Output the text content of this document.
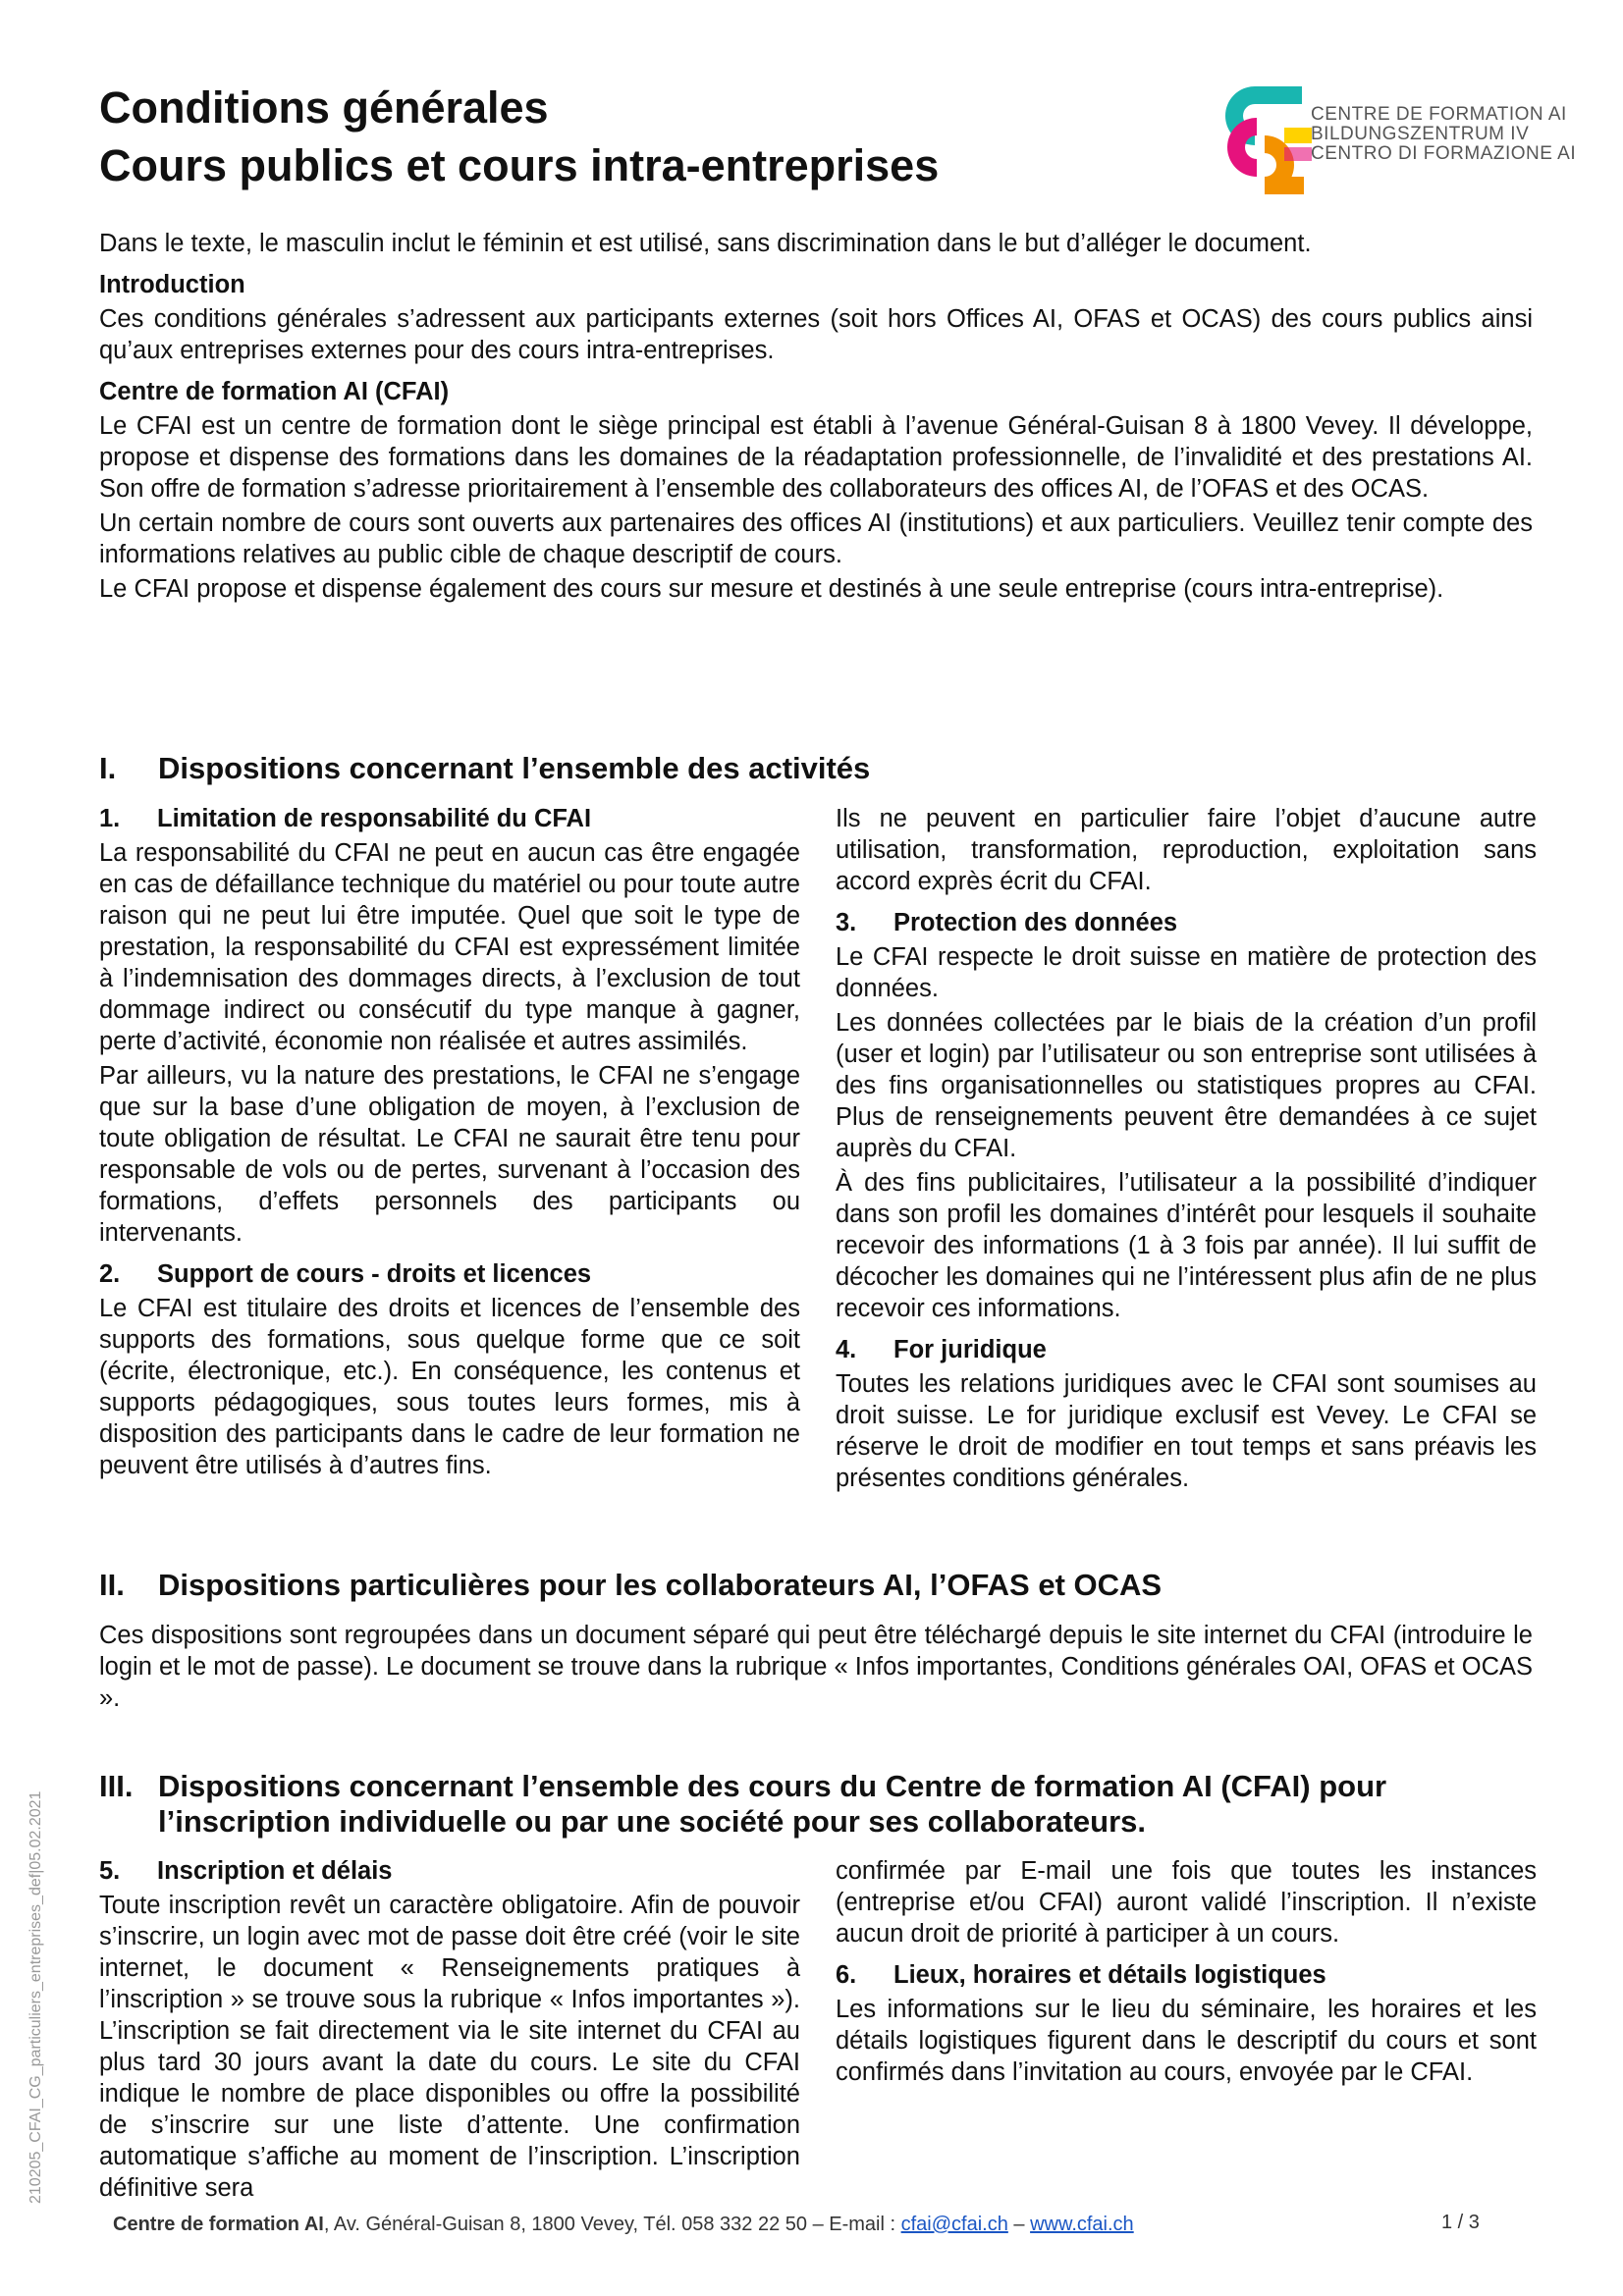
Conditions générales
Cours publics et cours intra-entreprises
CENTRE DE FORMATION AI
BILDUNGSZENTRUM IV
CENTRO DI FORMAZIONE AI

Dans le texte, le masculin inclut le féminin et est utilisé, sans discrimination dans le but d’alléger le document.

Introduction

Ces conditions générales s’adressent aux participants externes (soit hors Offices AI, OFAS et OCAS) des cours publics ainsi qu’aux entreprises externes pour des cours intra-entreprises.

Centre de formation AI (CFAI)

Le CFAI est un centre de formation dont le siège principal est établi à l’avenue Général-Guisan 8 à 1800 Vevey. Il développe, propose et dispense des formations dans les domaines de la réadaptation professionnelle, de l’invalidité et des prestations AI. Son offre de formation s’adresse prioritairement à l’ensemble des collaborateurs des offices AI, de l’OFAS et des OCAS.

Un certain nombre de cours sont ouverts aux partenaires des offices AI (institutions) et aux particuliers. Veuillez tenir compte des informations relatives au public cible de chaque descriptif de cours.

Le CFAI propose et dispense également des cours sur mesure et destinés à une seule entreprise (cours intra-entreprise).

I. Dispositions concernant l’ensemble des activités
1. Limitation de responsabilité du CFAI

La responsabilité du CFAI ne peut en aucun cas être engagée en cas de défaillance technique du matériel ou pour toute autre raison qui ne peut lui être imputée. Quel que soit le type de prestation, la responsabilité du CFAI est expressément limitée à l’indemnisation des dommages directs, à l’exclusion de tout dommage indirect ou consécutif du type manque à gagner, perte d’activité, économie non réalisée et autres assimilés.

Par ailleurs, vu la nature des prestations, le CFAI ne s’engage que sur la base d’une obligation de moyen, à l’exclusion de toute obligation de résultat. Le CFAI ne saurait être tenu pour responsable de vols ou de pertes, survenant à l’occasion des formations, d’effets personnels des participants ou intervenants.

2. Support de cours - droits et licences

Le CFAI est titulaire des droits et licences de l’ensemble des supports des formations, sous quelque forme que ce soit (écrite, électronique, etc.). En conséquence, les contenus et supports pédagogiques, sous toutes leurs formes, mis à disposition des participants dans le cadre de leur formation ne peuvent être utilisés à d’autres fins.

Ils ne peuvent en particulier faire l’objet d’aucune autre utilisation, transformation, reproduction, exploitation sans accord exprès écrit du CFAI.

3. Protection des données

Le CFAI respecte le droit suisse en matière de protection des données.

Les données collectées par le biais de la création d’un profil (user et login) par l’utilisateur ou son entreprise sont utilisées à des fins organisationnelles ou statistiques propres au CFAI. Plus de renseignements peuvent être demandées à ce sujet auprès du CFAI.

À des fins publicitaires, l’utilisateur a la possibilité d’indiquer dans son profil les domaines d’intérêt pour lesquels il souhaite recevoir des informations (1 à 3 fois par année). Il lui suffit de décocher les domaines qui ne l’intéressent plus afin de ne plus recevoir ces informations.

4. For juridique

Toutes les relations juridiques avec le CFAI sont soumises au droit suisse. Le for juridique exclusif est Vevey. Le CFAI se réserve le droit de modifier en tout temps et sans préavis les présentes conditions générales.

II. Dispositions particulières pour les collaborateurs AI, l’OFAS et OCAS

Ces dispositions sont regroupées dans un document séparé qui peut être téléchargé depuis le site internet du CFAI (introduire le login et le mot de passe). Le document se trouve dans la rubrique « Infos importantes, Conditions générales OAI, OFAS et OCAS ».

III. Dispositions concernant l’ensemble des cours du Centre de formation AI (CFAI) pour l’inscription individuelle ou par une société pour ses collaborateurs.
5. Inscription et délais

Toute inscription revêt un caractère obligatoire. Afin de pouvoir s’inscrire, un login avec mot de passe doit être créé (voir le site internet, le document « Renseignements pratiques à l’inscription » se trouve sous la rubrique « Infos importantes »). L’inscription se fait directement via le site internet du CFAI au plus tard 30 jours avant la date du cours. Le site du CFAI indique le nombre de place disponibles ou offre la possibilité de s’inscrire sur une liste d’attente. Une confirmation automatique s’affiche au moment de l’inscription. L’inscription définitive sera

confirmée par E-mail une fois que toutes les instances (entreprise et/ou CFAI) auront validé l’inscription. Il n’existe aucun droit de priorité à participer à un cours.

6. Lieux, horaires et détails logistiques

Les informations sur le lieu du séminaire, les horaires et les détails logistiques figurent dans le descriptif du cours et sont confirmés dans l’invitation au cours, envoyée par le CFAI.

210205_CFAI_CG_particuliers_entreprises_def|05.02.2021
Centre de formation AI, Av. Général-Guisan 8, 1800 Vevey, Tél. 058 332 22 50 – E-mail : cfai@cfai.ch – www.cfai.ch	1 / 3
